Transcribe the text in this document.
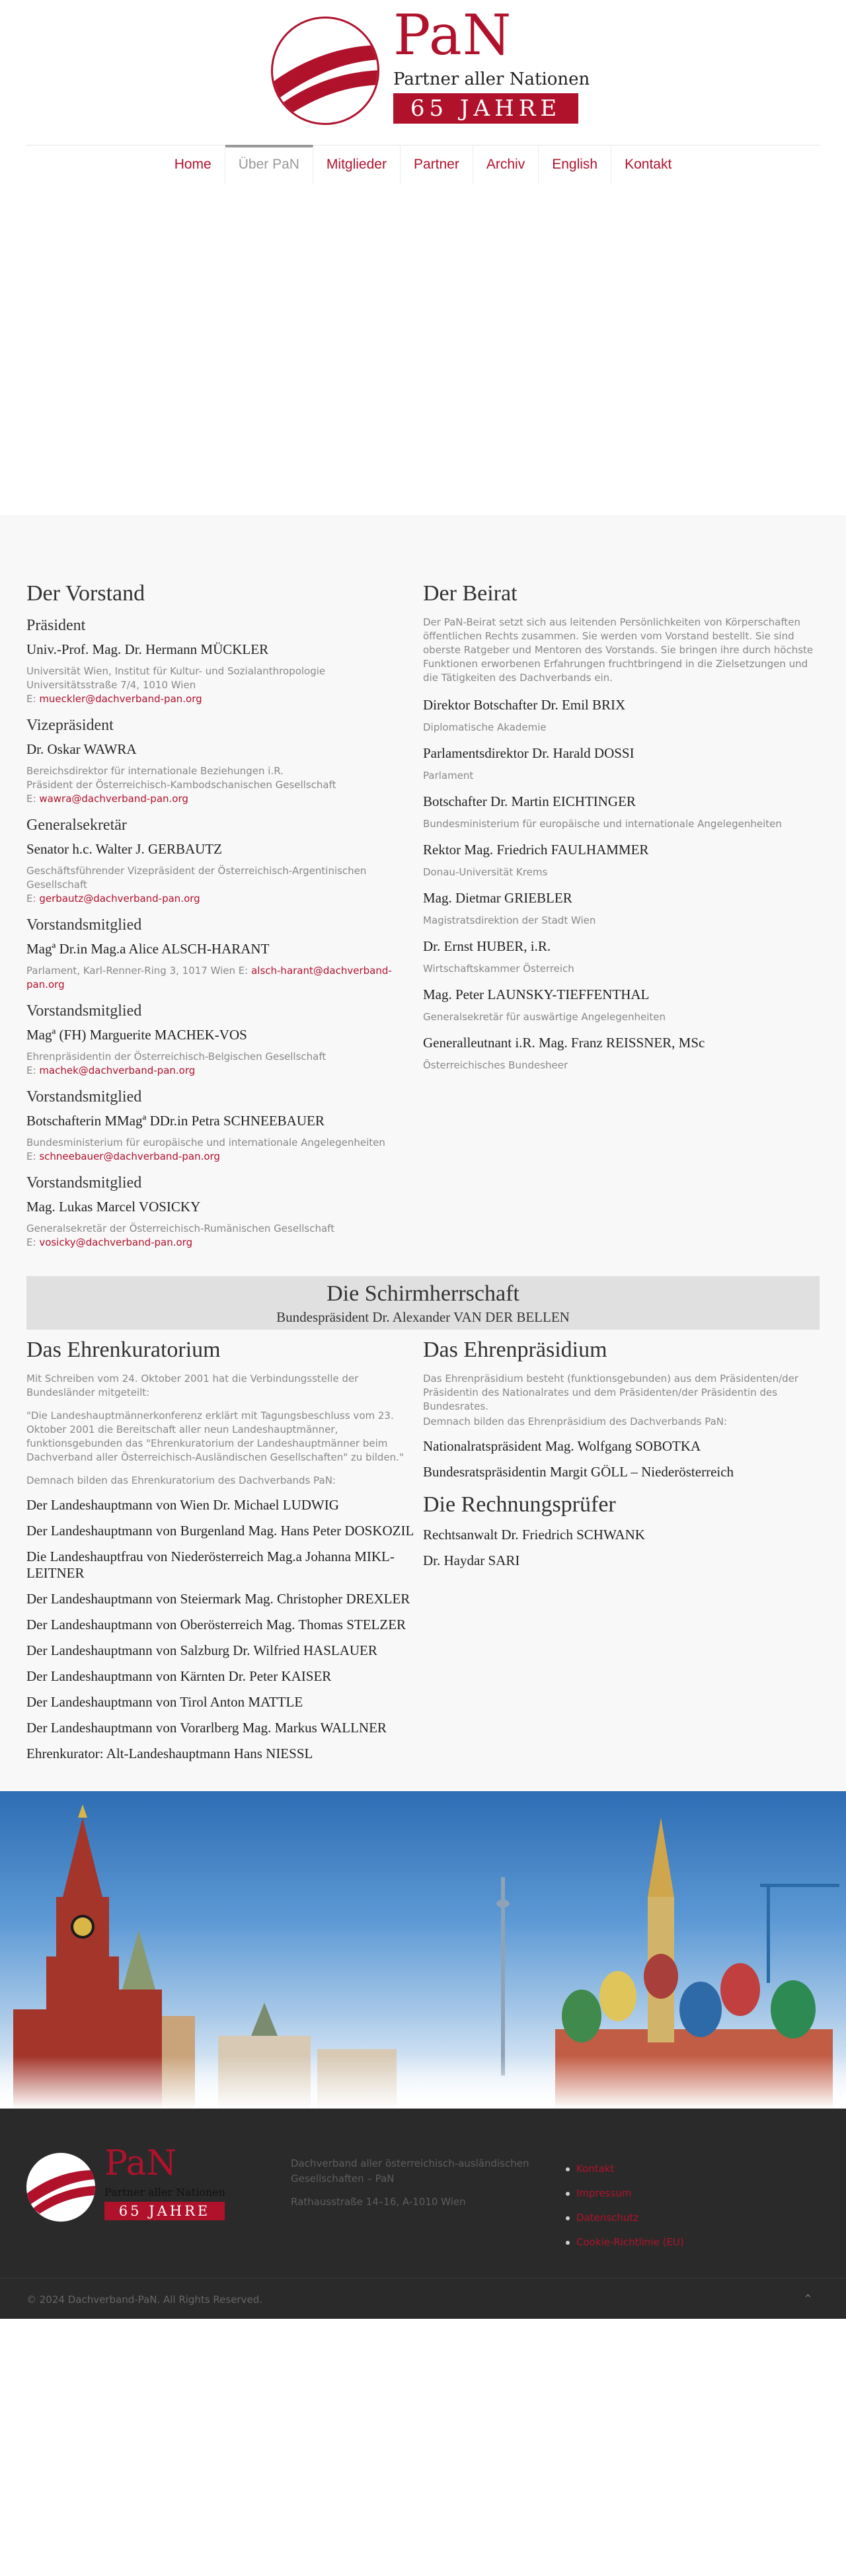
PaN
Partner aller Nationen
65 JAHRE
Home	Über PaN	Mitglieder	Partner	Archiv	English	Kontakt
Der Vorstand
Präsident
Univ.-Prof. Mag. Dr. Hermann MÜCKLER
Universität Wien, Institut für Kultur- und Sozialanthropologie
Universitätsstraße 7/4, 1010 Wien
E: mueckler@dachverband-pan.org
Vizepräsident
Dr. Oskar WAWRA
Bereichsdirektor für internationale Beziehungen i.R.
Präsident der Österreichisch-Kambodschanischen Gesellschaft
E: wawra@dachverband-pan.org
Generalsekretär
Senator h.c. Walter J. GERBAUTZ
Geschäftsführender Vizepräsident der Österreichisch-Argentinischen Gesellschaft
E: gerbautz@dachverband-pan.org
Vorstandsmitglied
Magª Dr.in Mag.a Alice ALSCH-HARANT
Parlament, Karl-Renner-Ring 3, 1017 Wien E: alsch-harant@dachverband-pan.org
Vorstandsmitglied
Magª (FH) Marguerite MACHEK-VOS
Ehrenpräsidentin der Österreichisch-Belgischen Gesellschaft
E: machek@dachverband-pan.org
Vorstandsmitglied
Botschafterin MMagª DDr.in Petra SCHNEEBAUER
Bundesministerium für europäische und internationale Angelegenheiten
E: schneebauer@dachverband-pan.org
Vorstandsmitglied
Mag. Lukas Marcel VOSICKY
Generalsekretär der Österreichisch-Rumänischen Gesellschaft
E: vosicky@dachverband-pan.org
Der Beirat
Der PaN-Beirat setzt sich aus leitenden Persönlichkeiten von Körperschaften öffentlichen Rechts zusammen. Sie werden vom Vorstand bestellt. Sie sind oberste Ratgeber und Mentoren des Vorstands. Sie bringen ihre durch höchste Funktionen erworbenen Erfahrungen fruchtbringend in die Zielsetzungen und die Tätigkeiten des Dachverbands ein.
Direktor Botschafter Dr. Emil BRIX
Diplomatische Akademie
Parlamentsdirektor Dr. Harald DOSSI
Parlament
Botschafter Dr. Martin EICHTINGER
Bundesministerium für europäische und internationale Angelegenheiten
Rektor Mag. Friedrich FAULHAMMER
Donau-Universität Krems
Mag. Dietmar GRIEBLER
Magistratsdirektion der Stadt Wien
Dr. Ernst HUBER, i.R.
Wirtschaftskammer Österreich
Mag. Peter LAUNSKY-TIEFFENTHAL
Generalsekretär für auswärtige Angelegenheiten
Generalleutnant i.R. Mag. Franz REISSNER, MSc
Österreichisches Bundesheer
Die Schirmherrschaft
Bundespräsident Dr. Alexander VAN DER BELLEN
Das Ehrenkuratorium
Mit Schreiben vom 24. Oktober 2001 hat die Verbindungsstelle der Bundesländer mitgeteilt:
"Die Landeshauptmännerkonferenz erklärt mit Tagungsbeschluss vom 23. Oktober 2001 die Bereitschaft aller neun Landeshauptmänner, funktionsgebunden das "Ehrenkuratorium der Landeshauptmänner beim Dachverband aller Österreichisch-Ausländischen Gesellschaften" zu bilden."
Demnach bilden das Ehrenkuratorium des Dachverbands PaN:
Der Landeshauptmann von Wien Dr. Michael LUDWIG
Der Landeshauptmann von Burgenland Mag. Hans Peter DOSKOZIL
Die Landeshauptfrau von Niederösterreich Mag.a Johanna MIKL-LEITNER
Der Landeshauptmann von Steiermark Mag. Christopher DREXLER
Der Landeshauptmann von Oberösterreich Mag. Thomas STELZER
Der Landeshauptmann von Salzburg Dr. Wilfried HASLAUER
Der Landeshauptmann von Kärnten Dr. Peter KAISER
Der Landeshauptmann von Tirol Anton MATTLE
Der Landeshauptmann von Vorarlberg Mag. Markus WALLNER
Ehrenkurator: Alt-Landeshauptmann Hans NIESSL
Das Ehrenpräsidium
Das Ehrenpräsidium besteht (funktionsgebunden) aus dem Präsidenten/der Präsidentin des Nationalrates und dem Präsidenten/der Präsidentin des Bundesrates.
Demnach bilden das Ehrenpräsidium des Dachverbands PaN:
Nationalratspräsident Mag. Wolfgang SOBOTKA
Bundesratspräsidentin Margit GÖLL – Niederösterreich
Die Rechnungsprüfer
Rechtsanwalt Dr. Friedrich SCHWANK
Dr. Haydar SARI
PaN
Partner aller Nationen
65 JAHRE
Dachverband aller österreichisch-ausländischen Gesellschaften – PaN
Rathausstraße 14–16, A-1010 Wien
Kontakt
Impressum
Datenschutz
Cookie-Richtlinie (EU)
© 2024 Dachverband-PaN. All Rights Reserved.	⌃
